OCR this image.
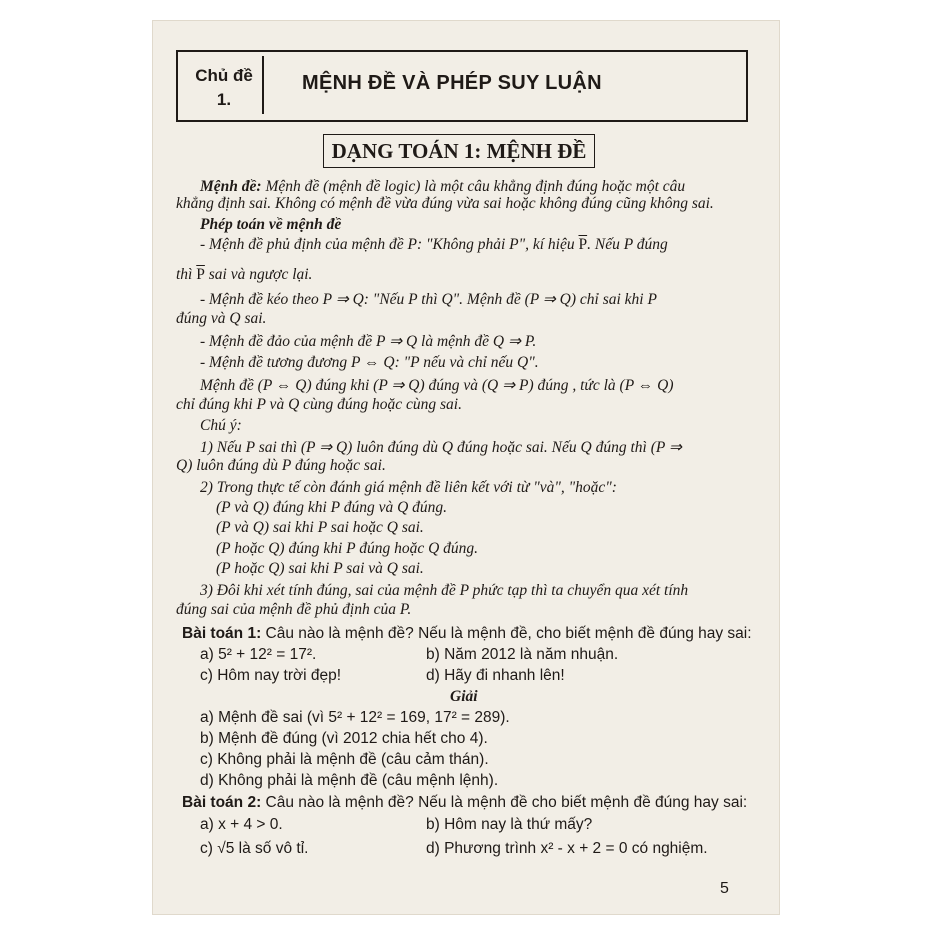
Chủ đề
1.
MỆNH ĐỀ VÀ PHÉP SUY LUẬN
DẠNG TOÁN 1: MỆNH ĐỀ
Mệnh đề: Mệnh đề (mệnh đề logic) là một câu khẳng định đúng hoặc một câu
khẳng định sai. Không có mệnh đề vừa đúng vừa sai hoặc không đúng cũng không sai.
Phép toán về mệnh đề
- Mệnh đề phủ định của mệnh đề P: "Không phải P", kí hiệu $\overline{P}$. Nếu P đúng
thì $\overline{P}$ sai và ngược lại.
- Mệnh đề kéo theo P ⇒ Q: "Nếu P thì Q". Mệnh đề (P ⇒ Q) chỉ sai khi P
đúng và Q sai.
- Mệnh đề đảo của mệnh đề P ⇒ Q là mệnh đề Q ⇒ P.
- Mệnh đề tương đương P ⇔ Q: "P nếu và chỉ nếu Q".
Mệnh đề (P ⇔ Q) đúng khi (P ⇒ Q) đúng và (Q ⇒ P) đúng , tức là (P ⇔ Q)
chỉ đúng khi P và Q cùng đúng hoặc cùng sai.
Chú ý:
1) Nếu P sai thì (P ⇒ Q) luôn đúng dù Q đúng hoặc sai. Nếu Q đúng thì (P ⇒
Q) luôn đúng dù P đúng hoặc sai.
2) Trong thực tế còn đánh giá mệnh đề liên kết với từ "và", "hoặc":
(P và Q) đúng khi P đúng và Q đúng.
(P và Q) sai khi P sai hoặc Q sai.
(P hoặc Q) đúng khi P đúng hoặc Q đúng.
(P hoặc Q) sai khi P sai và Q sai.
3) Đôi khi xét tính đúng, sai của mệnh đề P phức tạp thì ta chuyển qua xét tính
đúng sai của mệnh đề phủ định của P.
Bài toán 1: Câu nào là mệnh đề? Nếu là mệnh đề, cho biết mệnh đề đúng hay sai:
a) 5² + 12² = 17².	b) Năm 2012 là năm nhuận.
c) Hôm nay trời đẹp!	d) Hãy đi nhanh lên!
Giải
a) Mệnh đề sai (vì 5² + 12² = 169, 17² = 289).
b) Mệnh đề đúng (vì 2012 chia hết cho 4).
c) Không phải là mệnh đề (câu cảm thán).
d) Không phải là mệnh đề (câu mệnh lệnh).
Bài toán 2: Câu nào là mệnh đề? Nếu là mệnh đề cho biết mệnh đề đúng hay sai:
a) x + 4 > 0.	b) Hôm nay là thứ mấy?
c) √5 là số vô tỉ.	d) Phương trình x² - x + 2 = 0 có nghiệm.
5
